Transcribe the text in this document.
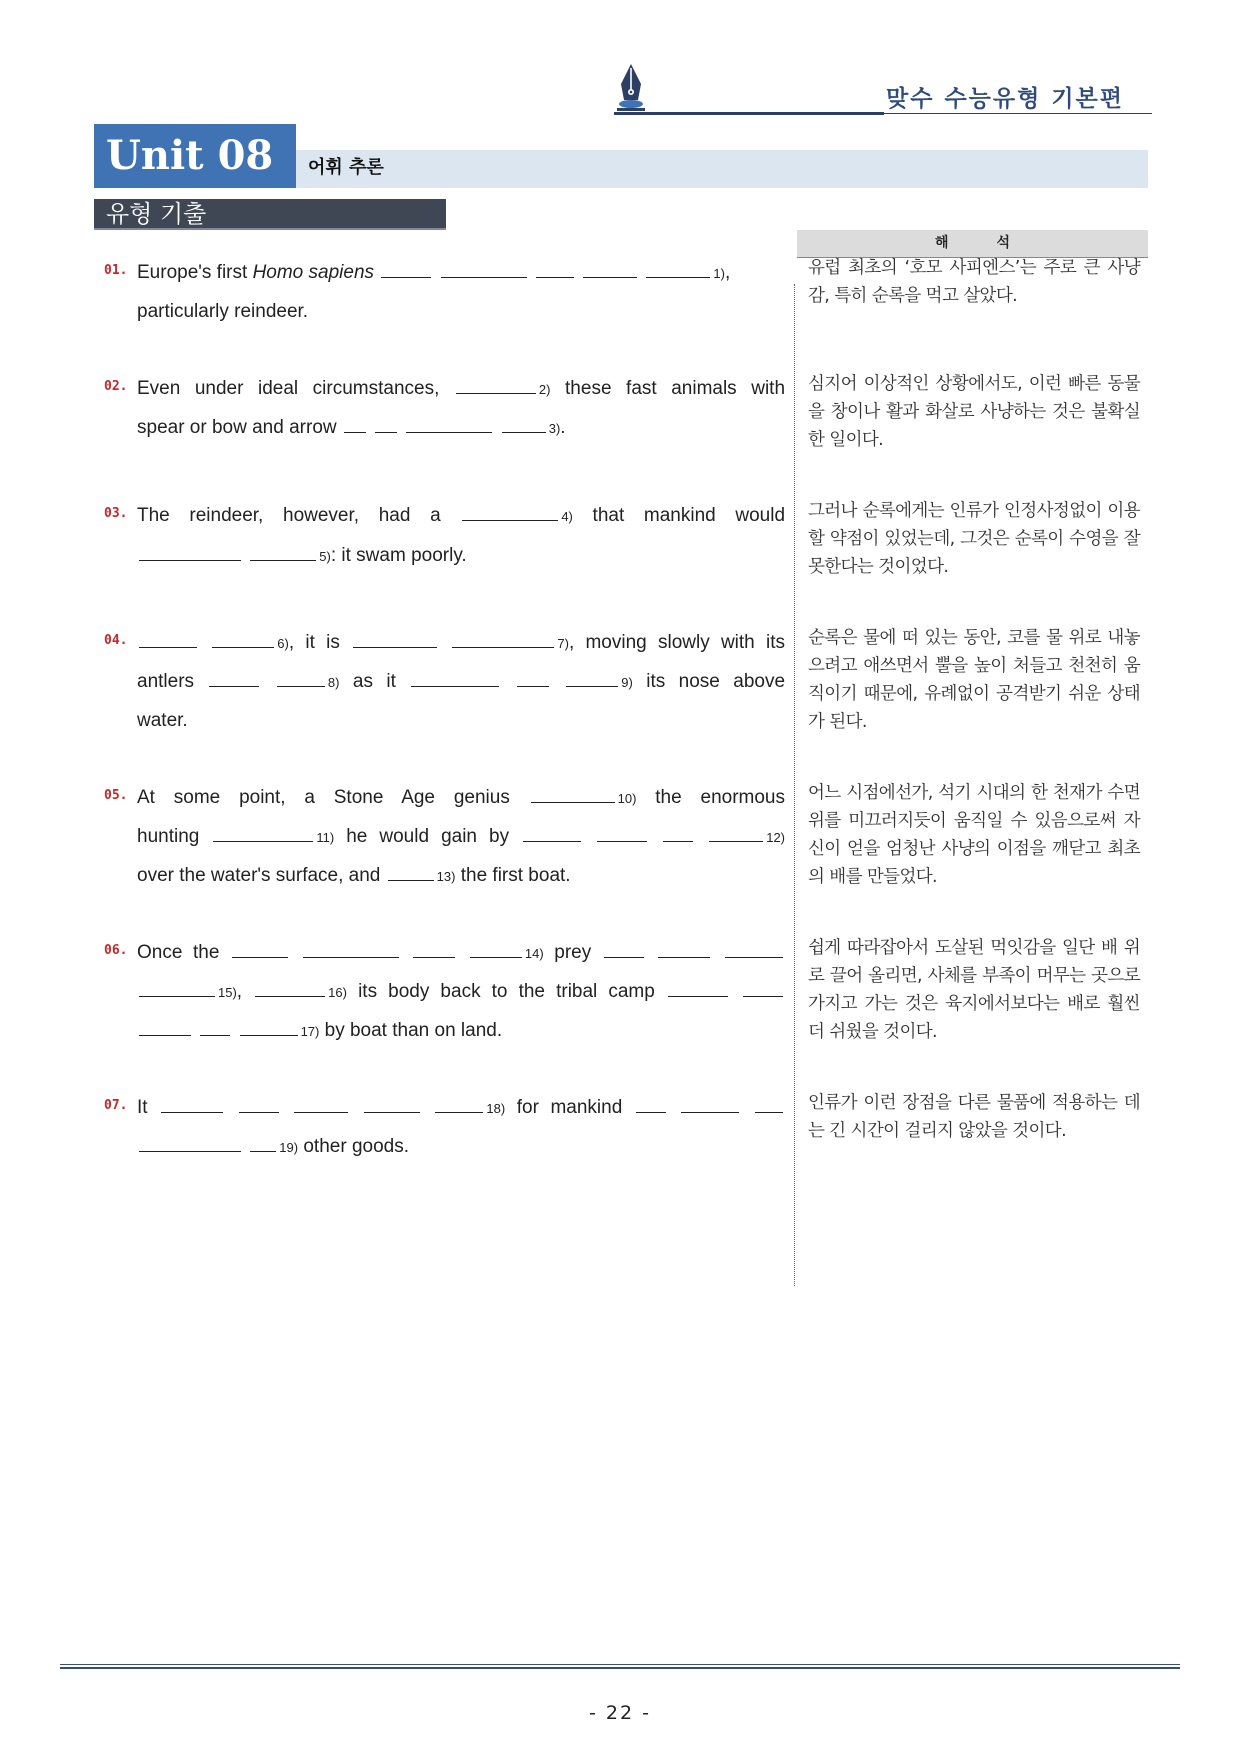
맞수 수능유형 기본편
Unit 08	어휘 추론
유형 기출
해석
01. Europe's first Homo sapiens	1),
particularly reindeer.
유럽 최초의 ‘호모 사피엔스’는 주로 큰 사냥감, 특히 순록을 먹고 살았다.
02. Even under ideal circumstances,	2) these fast animals with
spear or bow and arrow	3).
심지어 이상적인 상황에서도, 이런 빠른 동물을 창이나 활과 화살로 사냥하는 것은 불확실한 일이다.
03. The reindeer, however, had a	4) that mankind would
5): it swam poorly.
그러나 순록에게는 인류가 인정사정없이 이용할 약점이 있었는데, 그것은 순록이 수영을 잘 못한다는 것이었다.
04.	6), it is	7), moving slowly with its
antlers	8) as it	9) its nose above
water.
순록은 물에 떠 있는 동안, 코를 물 위로 내놓으려고 애쓰면서 뿔을 높이 처들고 천천히 움직이기 때문에, 유례없이 공격받기 쉬운 상태가 된다.
05. At some point, a Stone Age genius	10) the enormous
hunting	11) he would gain by	12)
over the water's surface, and	13) the first boat.
어느 시점에선가, 석기 시대의 한 천재가 수면 위를 미끄러지듯이 움직일 수 있음으로써 자신이 얻을 엄청난 사냥의 이점을 깨닫고 최초의 배를 만들었다.
06. Once the	14) prey
15),	16) its body back to the tribal camp
17) by boat than on land.
쉽게 따라잡아서 도살된 먹잇감을 일단 배 위로 끌어 올리면, 사체를 부족이 머무는 곳으로 가지고 가는 것은 육지에서보다는 배로 훨씬 더 쉬웠을 것이다.
07. It	18) for mankind
19) other goods.
인류가 이런 장점을 다른 물품에 적용하는 데는 긴 시간이 걸리지 않았을 것이다.
- 22 -
